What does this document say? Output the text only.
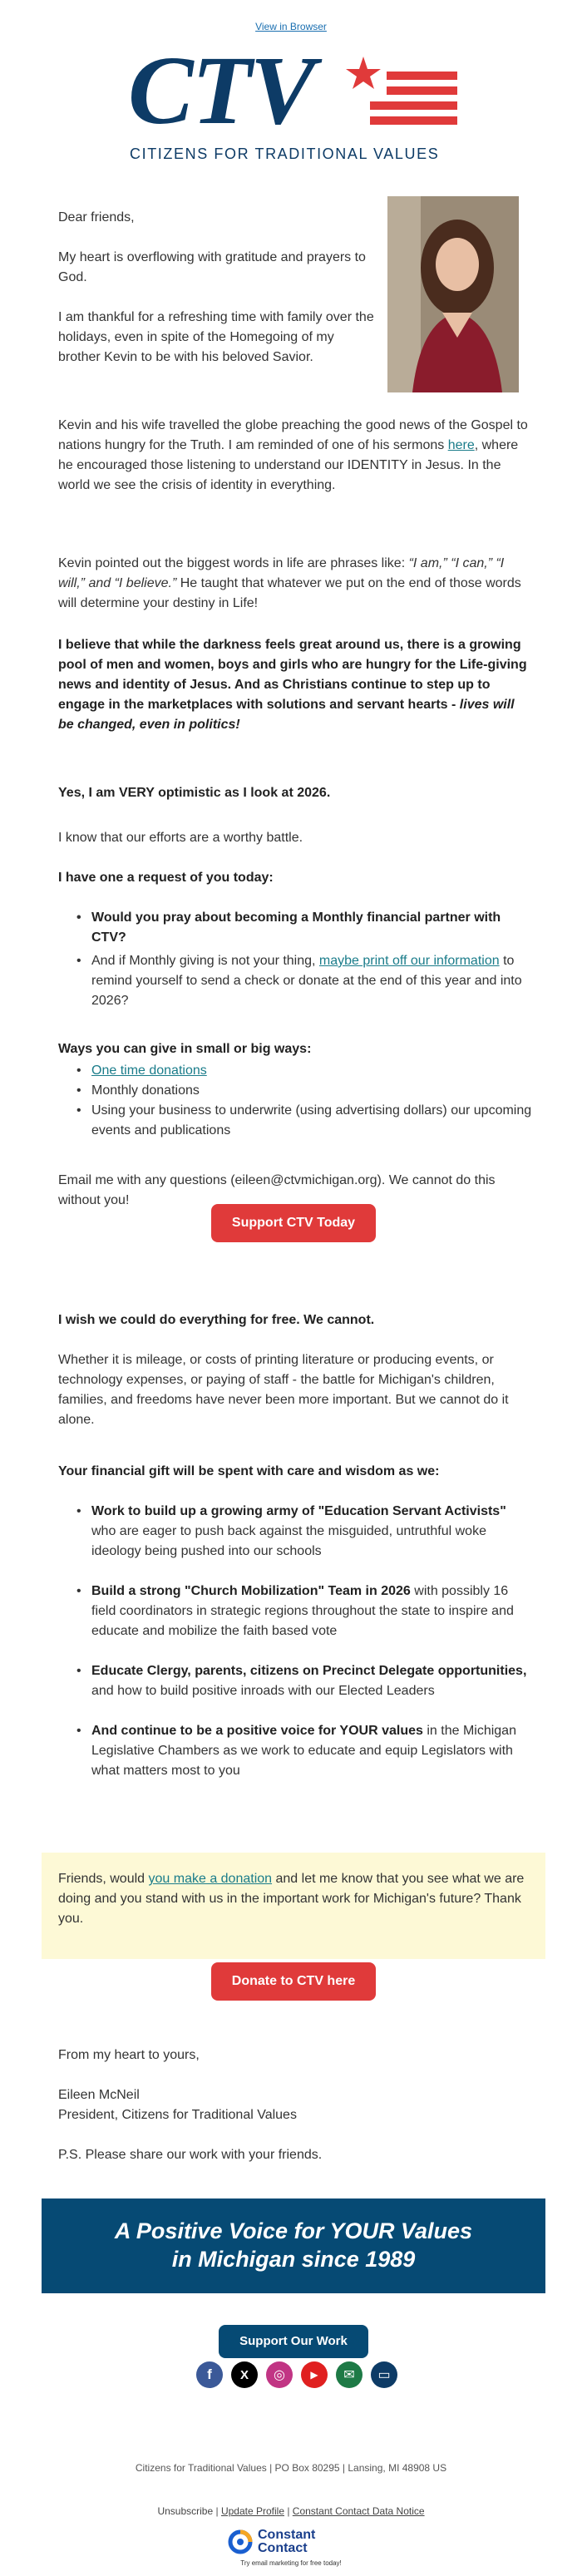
View in Browser
CTV
CITIZENS FOR TRADITIONAL VALUES
Dear friends,
My heart is overflowing with gratitude and prayers to God.
I am thankful for a refreshing time with family over the holidays, even in spite of the Homegoing of my brother Kevin to be with his beloved Savior.
Kevin and his wife travelled the globe preaching the good news of the Gospel to nations hungry for the Truth. I am reminded of one of his sermons here, where he encouraged those listening to understand our IDENTITY in Jesus. In the world we see the crisis of identity in everything.
Kevin pointed out the biggest words in life are phrases like: “I am,” “I can,” “I will,” and “I believe.” He taught that whatever we put on the end of those words will determine your destiny in Life!
I believe that while the darkness feels great around us, there is a growing pool of men and women, boys and girls who are hungry for the Life-giving news and identity of Jesus. And as Christians continue to step up to engage in the marketplaces with solutions and servant hearts - lives will be changed, even in politics!
Yes, I am VERY optimistic as I look at 2026.
I know that our efforts are a worthy battle.
I have one a request of you today:
• Would you pray about becoming a Monthly financial partner with CTV?
• And if Monthly giving is not your thing, maybe print off our information to remind yourself to send a check or donate at the end of this year and into 2026?
Ways you can give in small or big ways:
• One time donations
• Monthly donations
• Using your business to underwrite (using advertising dollars) our upcoming events and publications
Email me with any questions (eileen@ctvmichigan.org). We cannot do this without you!
Support CTV Today
I wish we could do everything for free. We cannot.
Whether it is mileage, or costs of printing literature or producing events, or technology expenses, or paying of staff - the battle for Michigan's children, families, and freedoms have never been more important. But we cannot do it alone.
Your financial gift will be spent with care and wisdom as we:
• Work to build up a growing army of "Education Servant Activists" who are eager to push back against the misguided, untruthful woke ideology being pushed into our schools
• Build a strong "Church Mobilization" Team in 2026 with possibly 16 field coordinators in strategic regions throughout the state to inspire and educate and mobilize the faith based vote
• Educate Clergy, parents, citizens on Precinct Delegate opportunities, and how to build positive inroads with our Elected Leaders
• And continue to be a positive voice for YOUR values in the Michigan Legislative Chambers as we work to educate and equip Legislators with what matters most to you
Friends, would you make a donation and let me know that you see what we are doing and you stand with us in the important work for Michigan's future? Thank you.
Donate to CTV here
From my heart to yours,
Eileen McNeil
President, Citizens for Traditional Values
P.S. Please share our work with your friends.
A Positive Voice for YOUR Values
in Michigan since 1989
Support Our Work
f X ◎	▶ ✉ ▭
Citizens for Traditional Values | PO Box 80295 | Lansing, MI 48908 US
Unsubscribe | Update Profile | Constant Contact Data Notice
Constant
Contact
Try email marketing for free today!
